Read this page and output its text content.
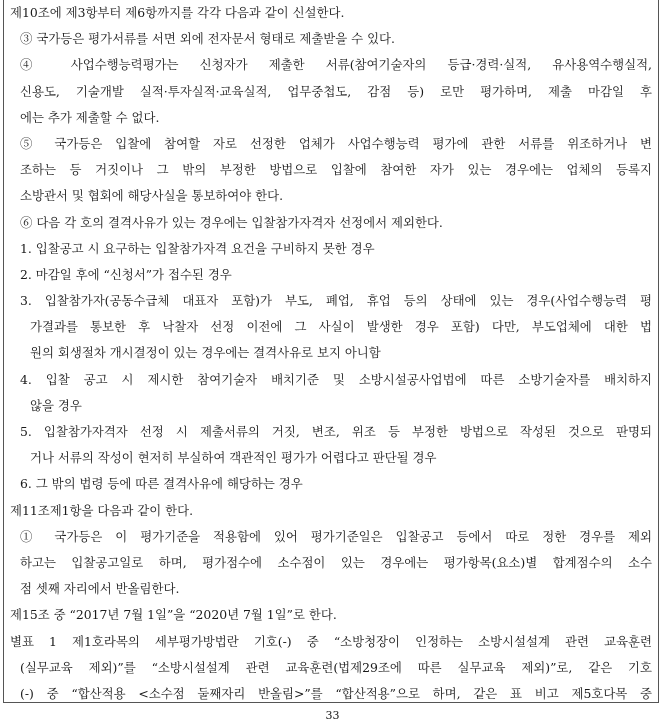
제10조에 제3항부터 제6항까지를 각각 다음과 같이 신설한다.
③ 국가등은 평가서류를 서면 외에 전자문서 형태로 제출받을 수 있다.
④ 사업수행능력평가는 신청자가 제출한 서류(참여기술자의 등급·경력·실적, 유사용역수행실적,
신용도, 기술개발 실적·투자실적·교육실적, 업무중첩도, 감점 등) 로만 평가하며, 제출 마감일 후
에는 추가 제출할 수 없다.
⑤ 국가등은 입찰에 참여할 자로 선정한 업체가 사업수행능력 평가에 관한 서류를 위조하거나 변
조하는 등 거짓이나 그 밖의 부정한 방법으로 입찰에 참여한 자가 있는 경우에는 업체의 등록지
소방관서 및 협회에 해당사실을 통보하여야 한다.
⑥ 다음 각 호의 결격사유가 있는 경우에는 입찰참가자격자 선정에서 제외한다.
1. 입찰공고 시 요구하는 입찰참가자격 요건을 구비하지 못한 경우
2. 마감일 후에 “신청서”가 접수된 경우
3. 입찰참가자(공동수급체 대표자 포함)가 부도, 폐업, 휴업 등의 상태에 있는 경우(사업수행능력 평
가결과를 통보한 후 낙찰자 선정 이전에 그 사실이 발생한 경우 포함) 다만, 부도업체에 대한 법
원의 회생절차 개시결정이 있는 경우에는 결격사유로 보지 아니함
4. 입찰 공고 시 제시한 참여기술자 배치기준 및 소방시설공사업법에 따른 소방기술자를 배치하지
않을 경우
5. 입찰참가자격자 선정 시 제출서류의 거짓, 변조, 위조 등 부정한 방법으로 작성된 것으로 판명되
거나 서류의 작성이 현저히 부실하여 객관적인 평가가 어렵다고 판단될 경우
6. 그 밖의 법령 등에 따른 결격사유에 해당하는 경우
제11조제1항을 다음과 같이 한다.
① 국가등은 이 평가기준을 적용함에 있어 평가기준일은 입찰공고 등에서 따로 정한 경우를 제외
하고는 입찰공고일로 하며, 평가점수에 소수점이 있는 경우에는 평가항목(요소)별 합계점수의 소수
점 셋째 자리에서 반올림한다.
제15조 중 “2017년 7월 1일”을 “2020년 7월 1일”로 한다.
별표 1 제1호라목의 세부평가방법란 기호(-) 중 “소방청장이 인정하는 소방시설설계 관련 교육훈련
(실무교육 제외)”를 “소방시설설계 관련 교육훈련(법제29조에 따른 실무교육 제외)”로, 같은 기호
(-) 중 “합산적용 <소수점 둘째자리 반올림>”를 “합산적용”으로 하며, 같은 표 비고 제5호다목 중
33
